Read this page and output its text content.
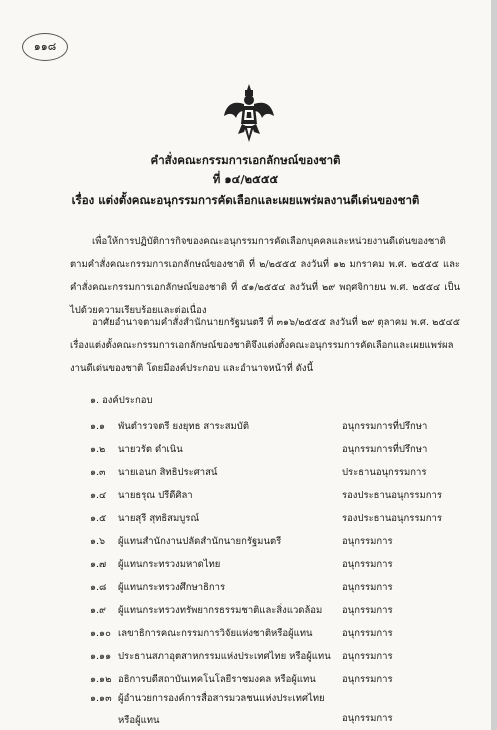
๑๑๘
คำสั่งคณะกรรมการเอกลักษณ์ของชาติ
ที่ ๑๔/๒๕๕๕
เรื่อง แต่งตั้งคณะอนุกรรมการคัดเลือกและเผยแพร่ผลงานดีเด่นของชาติ
เพื่อให้การปฏิบัติการกิจของคณะอนุกรรมการคัดเลือกบุคคลและหน่วยงานดีเด่นของชาติ ตามคำสั่งคณะกรรมการเอกลักษณ์ของชาติ ที่ ๒/๒๕๕๕ ลงวันที่ ๑๒ มกราคม พ.ศ. ๒๕๕๕ และคำสั่งคณะกรรมการเอกลักษณ์ของชาติ ที่ ๕๑/๒๕๕๔ ลงวันที่ ๒๙ พฤศจิกายน พ.ศ. ๒๕๕๔ เป็นไปด้วยความเรียบร้อยและต่อเนื่อง
อาศัยอำนาจตามคำสั่งสำนักนายกรัฐมนตรี ที่ ๓๑๖/๒๕๕๕ ลงวันที่ ๒๙ ตุลาคม พ.ศ. ๒๕๔๕ เรื่องแต่งตั้งคณะกรรมการเอกลักษณ์ของชาติจึงแต่งตั้งคณะอนุกรรมการคัดเลือกและเผยแพร่ผลงานดีเด่นของชาติ โดยมีองค์ประกอบ และอำนาจหน้าที่ ดังนี้
๑. องค์ประกอบ
๑.๑	พันตำรวจตรี ยงยุทธ สาระสมบัติ	อนุกรรมการที่ปรึกษา
๑.๒	นายวรัต ดำเนิน	อนุกรรมการที่ปรึกษา
๑.๓	นายเอนก สิทธิประศาสน์	ประธานอนุกรรมการ
๑.๔	นายธรุณ ปรีดีศิลา	รองประธานอนุกรรมการ
๑.๕	นายสุรี สุทธิสมบูรณ์	รองประธานอนุกรรมการ
๑.๖	ผู้แทนสำนักงานปลัดสำนักนายกรัฐมนตรี	อนุกรรมการ
๑.๗	ผู้แทนกระทรวงมหาดไทย	อนุกรรมการ
๑.๘	ผู้แทนกระทรวงศึกษาธิการ	อนุกรรมการ
๑.๙	ผู้แทนกระทรวงทรัพยากรธรรมชาติและสิ่งแวดล้อม	อนุกรรมการ
๑.๑๐ เลขาธิการคณะกรรมการวิจัยแห่งชาติหรือผู้แทน	อนุกรรมการ
๑.๑๑ ประธานสภาอุตสาหกรรมแห่งประเทศไทย หรือผู้แทน	อนุกรรมการ
๑.๑๒ อธิการบดีสถาบันเทคโนโลยีราชมงคล หรือผู้แทน	อนุกรรมการ
๑.๑๓ ผู้อำนวยการองค์การสื่อสารมวลชนแห่งประเทศไทย
หรือผู้แทน	อนุกรรมการ
